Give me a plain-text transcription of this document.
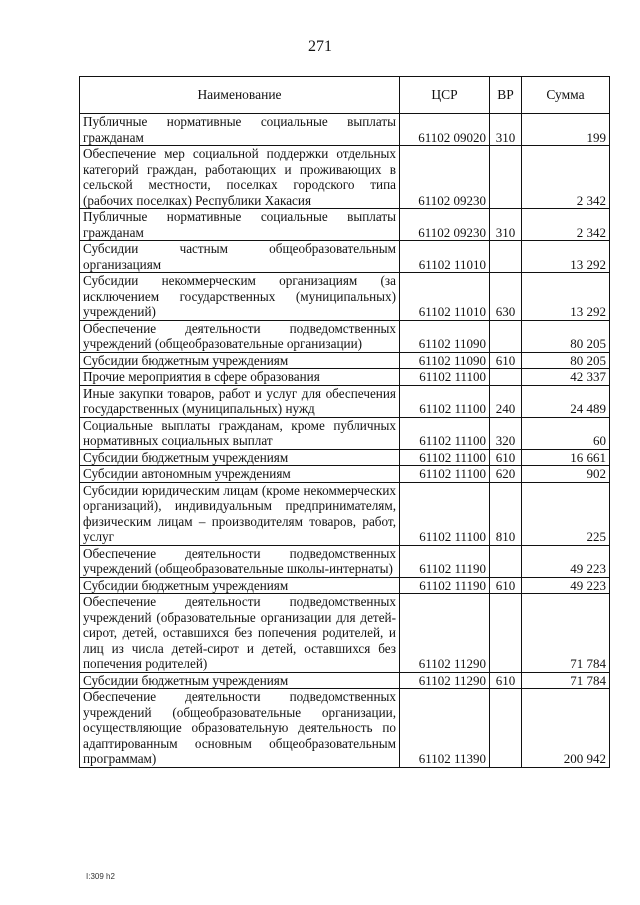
271
Наименование	ЦСР	ВР	Сумма
Публичные нормативные социальные выплаты гражданам	61102 09020	310	199
Обеспечение мер социальной поддержки отдельных категорий граждан, работающих и проживающих в сельской местности, поселках городского типа (рабочих поселках) Республики Хакасия	61102 09230		2 342
Публичные нормативные социальные выплаты гражданам	61102 09230	310	2 342
Субсидии частным общеобразовательным организациям	61102 11010		13 292
Субсидии некоммерческим организациям (за исключением государственных (муниципальных) учреждений)	61102 11010	630	13 292
Обеспечение деятельности подведомственных учреждений (общеобразовательные организации)	61102 11090		80 205
Субсидии бюджетным учреждениям	61102 11090	610	80 205
Прочие мероприятия в сфере образования	61102 11100		42 337
Иные закупки товаров, работ и услуг для обеспечения государственных (муниципальных) нужд	61102 11100	240	24 489
Социальные выплаты гражданам, кроме публичных нормативных социальных выплат	61102 11100	320	60
Субсидии бюджетным учреждениям	61102 11100	610	16 661
Субсидии автономным учреждениям	61102 11100	620	902
Субсидии юридическим лицам (кроме некоммерческих организаций), индивидуальным предпринимателям, физическим лицам – производителям товаров, работ, услуг	61102 11100	810	225
Обеспечение деятельности подведомственных учреждений (общеобразовательные школы-интернаты)	61102 11190		49 223
Субсидии бюджетным учреждениям	61102 11190	610	49 223
Обеспечение деятельности подведомственных учреждений (образовательные организации для детей-сирот, детей, оставшихся без попечения родителей, и лиц из числа детей-сирот и детей, оставшихся без попечения родителей)	61102 11290		71 784
Субсидии бюджетным учреждениям	61102 11290	610	71 784
Обеспечение деятельности подведомственных учреждений (общеобразовательные организации, осуществляющие образовательную деятельность по адаптированным основным общеобразовательным программам)	61102 11390		200 942
I:309 h2
